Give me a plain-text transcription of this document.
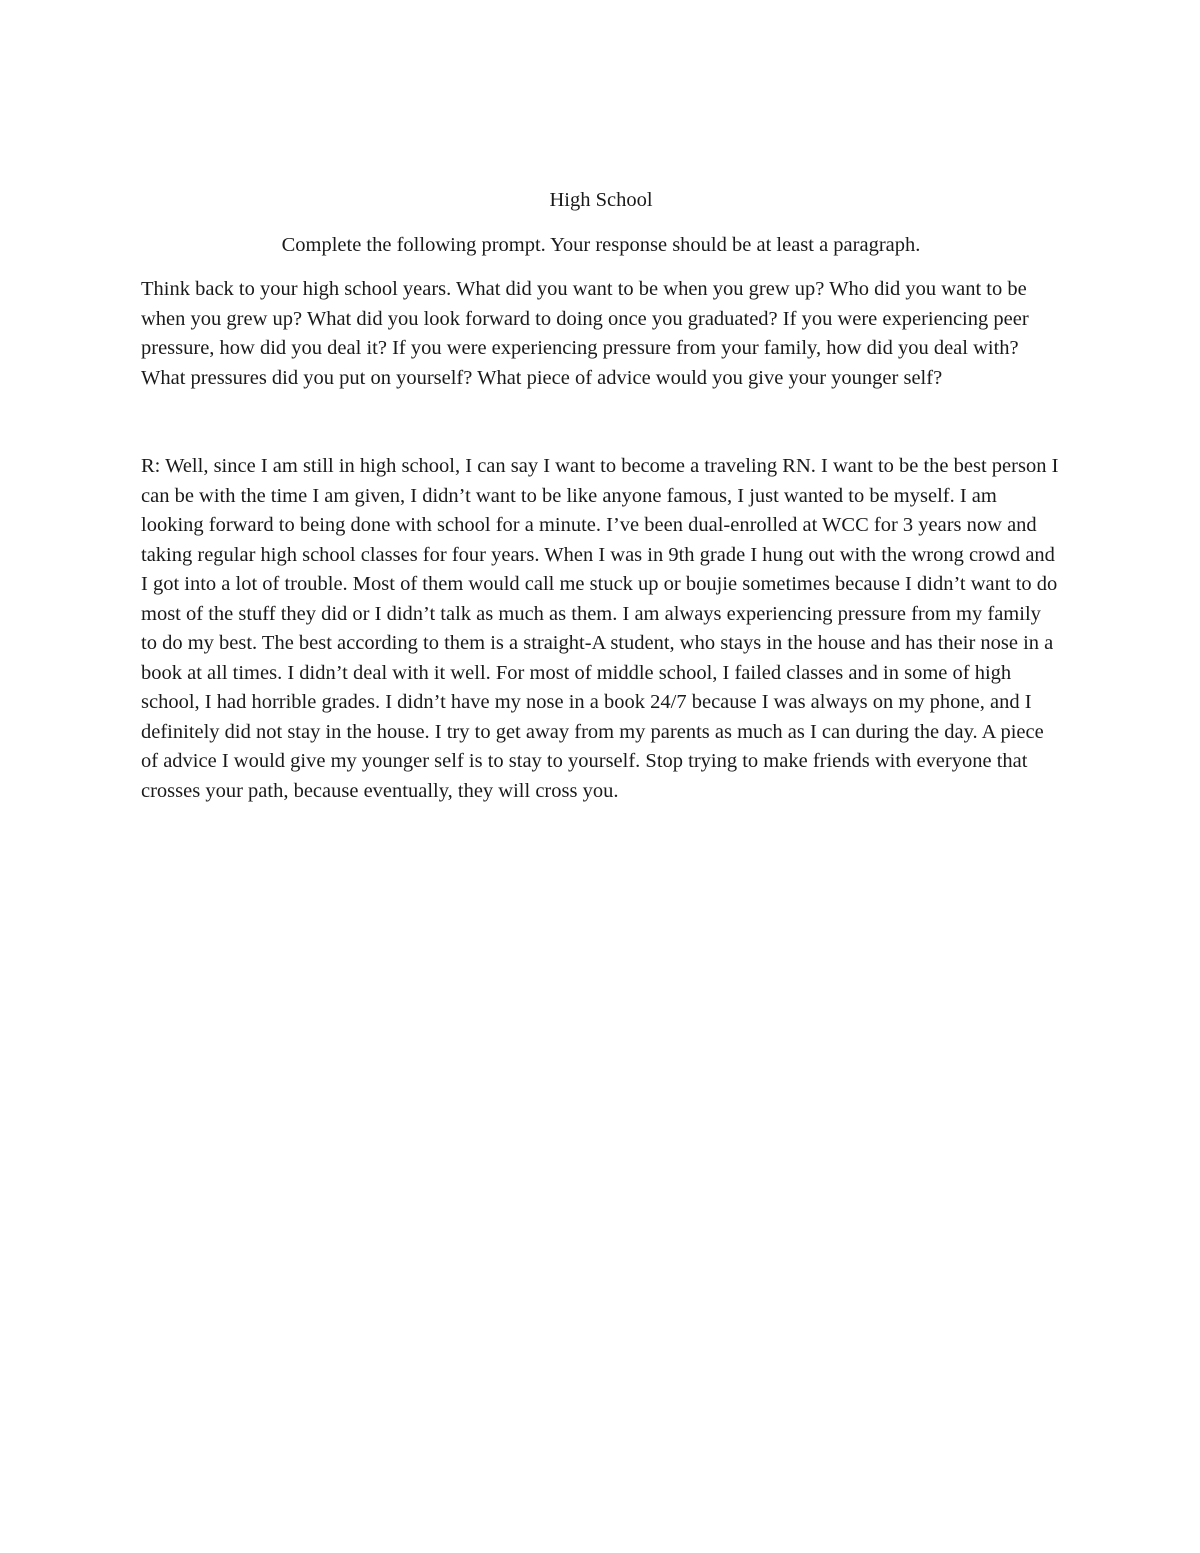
High School

Complete the following prompt. Your response should be at least a paragraph.

Think back to your high school years. What did you want to be when you grew up? Who did you want to be when you grew up? What did you look forward to doing once you graduated? If you were experiencing peer pressure, how did you deal it? If you were experiencing pressure from your family, how did you deal with? What pressures did you put on yourself? What piece of advice would you give your younger self?

R: Well, since I am still in high school, I can say I want to become a traveling RN. I want to be the best person I can be with the time I am given, I didn’t want to be like anyone famous, I just wanted to be myself. I am looking forward to being done with school for a minute. I’ve been dual-enrolled at WCC for 3 years now and taking regular high school classes for four years. When I was in 9th grade I hung out with the wrong crowd and I got into a lot of trouble. Most of them would call me stuck up or boujie sometimes because I didn’t want to do most of the stuff they did or I didn’t talk as much as them. I am always experiencing pressure from my family to do my best. The best according to them is a straight-A student, who stays in the house and has their nose in a book at all times. I didn’t deal with it well. For most of middle school, I failed classes and in some of high school, I had horrible grades. I didn’t have my nose in a book 24/7 because I was always on my phone, and I definitely did not stay in the house. I try to get away from my parents as much as I can during the day. A piece of advice I would give my younger self is to stay to yourself. Stop trying to make friends with everyone that crosses your path, because eventually, they will cross you.
